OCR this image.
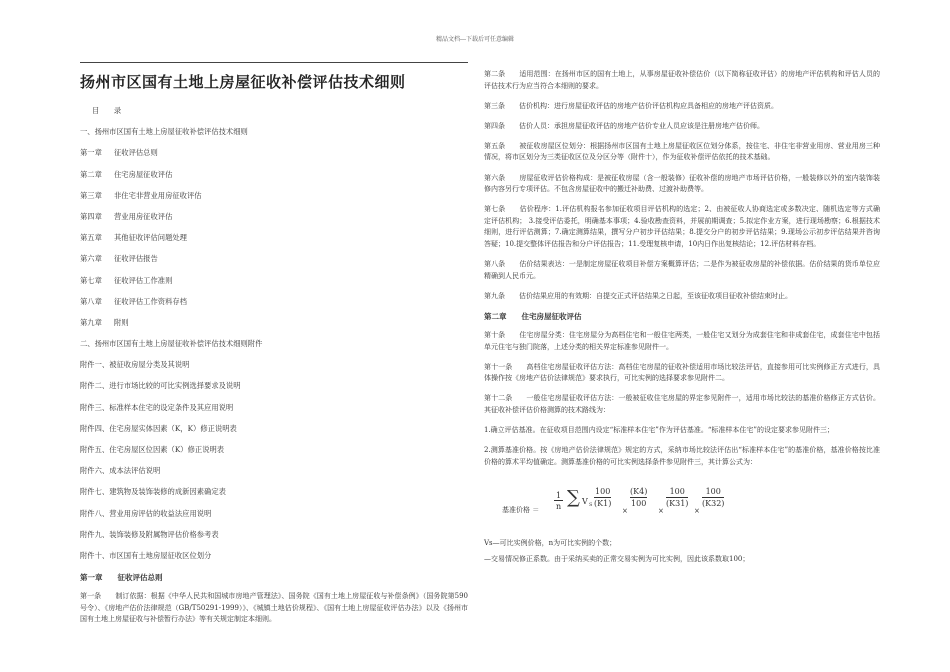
精品文档---下载后可任意编辑
扬州市区国有土地上房屋征收补偿评估技术细则
目　　录
一、扬州市区国有土地上房屋征收补偿评估技术细则
第一章 征收评估总则
第二章 住宅房屋征收评估
第三章 非住宅非营业用房征收评估
第四章 营业用房征收评估
第五章 其他征收评估问题处理
第六章 征收评估报告
第七章 征收评估工作准则
第八章 征收评估工作资料存档
第九章 附则
二、扬州市区国有土地上房屋征收补偿评估技术细则附件
附件一、被征收房屋分类及其说明
附件二、进行市场比较的可比实例选择要求及说明
附件三、标准样本住宅的设定条件及其应用说明
附件四、住宅房屋实体因素（K，K）修正说明表
附件五、住宅房屋区位因素（K）修正说明表
附件六、成本法评估说明
附件七、建筑物及装饰装修的成新因素确定表
附件八、营业用房评估的收益法应用说明
附件九、装饰装修及附属物评估价格参考表
附件十、市区国有土地房屋征收区位划分
第一章　　征收评估总则

第一条　　制订依据：根据《中华人民共和国城市房地产管理法》、国务院《国有土地上房屋征收与补偿条例》（国务院第590号令）、《房地产估价法律规范（GB/T50291-1999）》、《城镇土地估价规程》、《国有土地上房屋征收评估办法》以及《扬州市国有土地上房屋征收与补偿暂行办法》等有关规定制定本细则。

第二条　　适用范围：在扬州市区的国有土地上，从事房屋征收补偿估价（以下简称征收评估）的房地产评估机构和评估人员的评估技术行为应当符合本细则的要求。

第三条　　估价机构：进行房屋征收评估的房地产估价评估机构应具备相应的房地产评估资质。

第四条　　估价人员：承担房屋征收评估的房地产估价专业人员应该是注册房地产估价师。

第五条　　被征收房屋区位划分：根据扬州市区国有土地上房屋征收区位划分体系，按住宅、非住宅非营业用房、营业用房三种情况，将市区划分为三类征收区位及分区分等（附件十），作为征收补偿评估依托的技术基础。

第六条　　房屋征收评估价格构成：是被征收房屋（含一般装修）征收补偿的房地产市场评估价格，一般装修以外的室内装饰装修内容另行专项评估。不包含房屋征收中的搬迁补助费、过渡补助费等。

第七条　　估价程序：1.评估机构报名参加征收项目评估机构的选定；2、由被征收人协商选定或多数决定、随机选定等方式确定评估机构； 3.接受评估委托，明确基本事项；4.验收勘查资料，并展前期调查；5.拟定作业方案，进行现场勘察；6.根据技术细则，进行评估测算；7.确定测算结果，撰写分户初步评估结果；8.提交分户的初步评估结果；9.现场公示初步评估结果并咨询答疑；10.提交整体评估报告和分户评估报告；11.受理复核申请，10内日作出复核结论；12.评估材料存档。

第八条　　估价结果表达：一是制定房屋征收项目补偿方案概算评估；二是作为被征收房屋的补偿依据。估价结果的货币单位应精确到人民币元。

第九条　　估价结果应用的有效期：自提交正式评估结果之日起，至该征收项目征收补偿结束时止。

第二章　　住宅房屋征收评估

第十条　　住宅房屋分类：住宅房屋分为高档住宅和一般住宅两类，一般住宅又划分为成套住宅和非成套住宅，成套住宅中包括单元住宅与独门院落，上述分类的相关界定标准参见附件一。

第十一条　　高档住宅房屋征收评估方法：高档住宅房屋的征收补偿适用市场比较法评估，直接参用可比实例修正方式进行，具体操作按《房地产估价法律规范》要求执行，可比实例的选择要求参见附件二。

第十二条　　一般住宅房屋征收评估方法：一般被征收住宅房屋的界定参见附件一，适用市场比较法的基准价格修正方式估价。其征收补偿评估价格测算的技术路线为：

1.确立评估基准。在征收项目范围内设定“标准样本住宅”作为评估基准。“标准样本住宅”的设定要求参见附件三；

2.测算基准价格。按《房地产估价法律规范》规定的方式，采纳市场比较法评估出“标准样本住宅”的基准价格，基准价格按比准价格的算术平均值确定。测算基准价格的可比实例选择条件参见附件三，其计算公式为：

基准价格 ＝
1
n ∑ V S
100
(K1)
×
(K4)
100
×
100
(K31)
×
100
(K32)
Vs—可比实例价格，n为可比实例的个数；
—交易情况修正系数。由于采纳买卖的正常交易实例为可比实例，因此该系数取100；
